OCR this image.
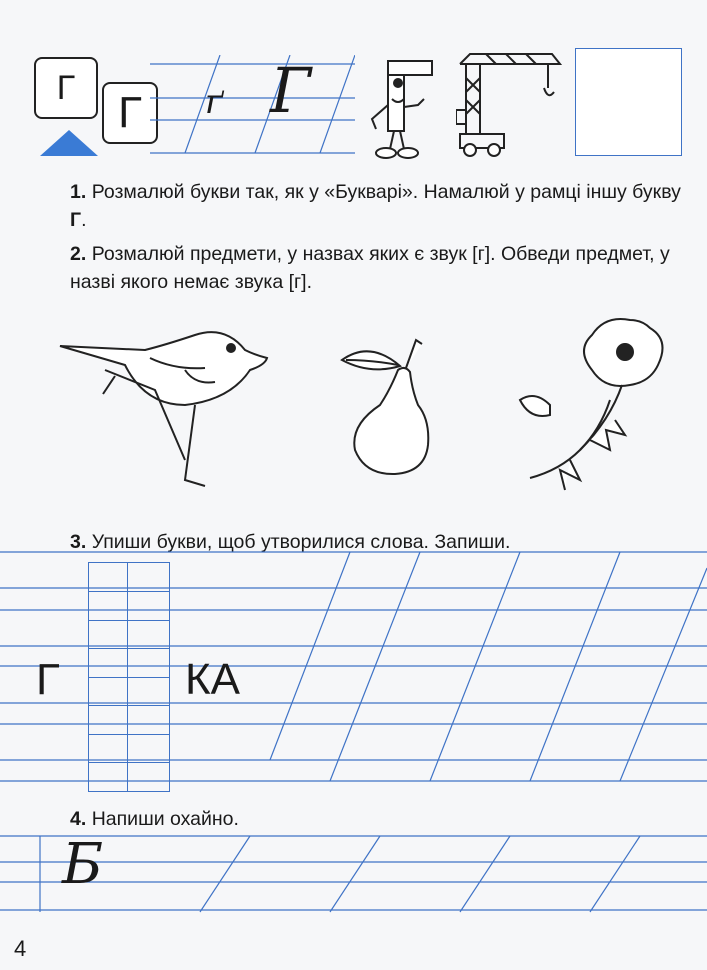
Г Г	ґ Г
1. Розмалюй букви так, як у «Букварі». Намалюй у рамці іншу букву Г.
2. Розмалюй предмети, у назвах яких є звук [г]. Обведи предмет, у назві якого немає звука [г].
3. Упиши букви, щоб утворилися слова. Запиши.
Г	КА
4. Напиши охайно.
Б
4
